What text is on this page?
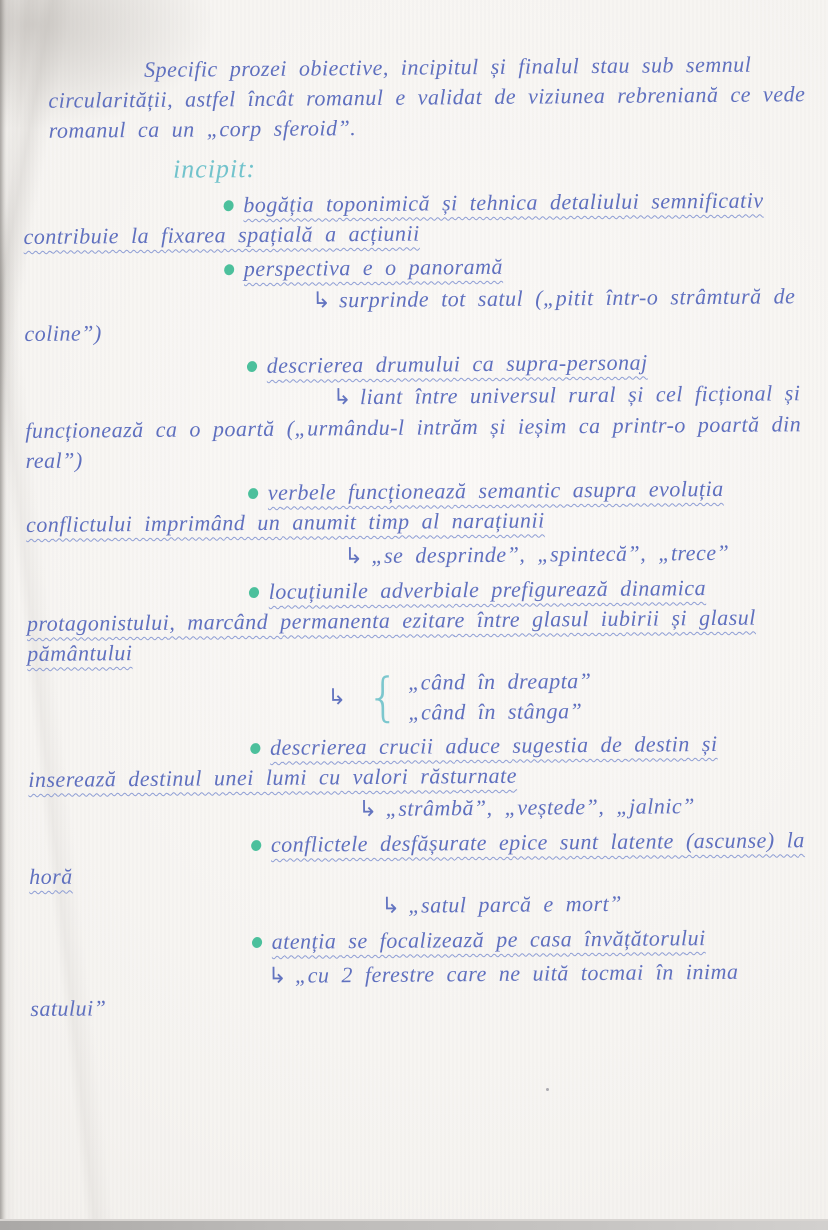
Specific prozei obiective, incipitul și finalul stau sub semnul circularității, astfel încât romanul e validat de viziunea rebreniană ce vede romanul ca un „corp sferoid”.

incipit:
bogăția toponimică și tehnica detaliului semnificativ contribuie la fixarea spațială a acțiunii
perspectiva e o panoramă
↳ surprinde tot satul („pitit într-o strâmtură de coline”)
descrierea drumului ca supra-personaj
↳ liant între universul rural și cel ficțional și funcționează ca o poartă („urmându-l intrăm și ieșim ca printr-o poartă din real”)
verbele funcționează semantic asupra evoluția conflictului imprimând un anumit timp al narațiunii
↳ „se desprinde”, „spintecă”, „trece”
locuțiunile adverbiale prefigurează dinamica protagonistului, marcând permanenta ezitare între glasul iubirii și glasul pământului
↳ { „când în dreapta”
„când în stânga”
descrierea crucii aduce sugestia de destin și inserează destinul unei lumi cu valori răsturnate
↳ „strâmbă”, „veștede”, „jalnic”
conflictele desfășurate epice sunt latente (ascunse) la horă
↳ „satul parcă e mort”
atenția se focalizează pe casa învățătorului
↳ „cu 2 ferestre care ne uită tocmai în inima satului”
